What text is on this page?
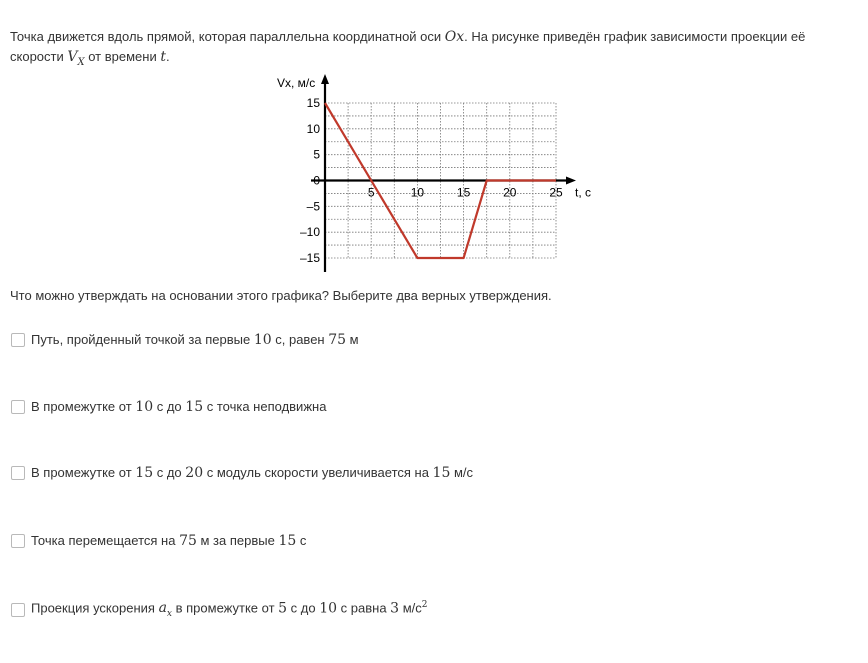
Точка движется вдоль прямой, которая параллельна координатной оси Ox. На рисунке приведён график зависимости проекции её скорости $V_X$ от времени t.
15
10
5
0
–5
–10
–15
5	10	15	20	25
Vx, м/с
t, c
Что можно утверждать на основании этого графика? Выберите два верных утверждения.
Путь, пройденный точкой за первые 10 с, равен 75 м
В промежутке от 10 с до 15 с точка неподвижна
В промежутке от 15 с до 20 с модуль скорости увеличивается на 15 м/с
Точка перемещается на 75 м за первые 15 с
Проекция ускорения $a_x$ в промежутке от 5 с до 10 с равна 3 $м/с^2$
